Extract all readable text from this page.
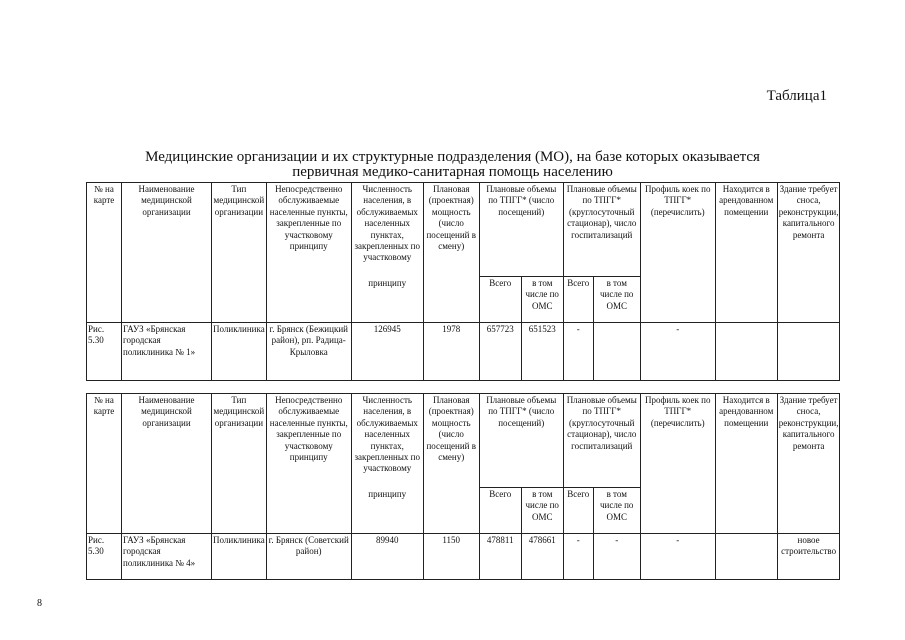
Таблица1
Медицинские организации и их структурные подразделения (МО), на базе которых оказывается
первичная медико-санитарная помощь населению
№ на карте	Наименование медицинской организации	Тип медицинской организации	Непосредственно обслуживаемые населенные пункты, закрепленные по участковому принципу	Численность населения, в обслуживаемых населенных пунктах, закрепленных по участковому	Плановая (проектная) мощность (число посещений в смену)	Плановые объемы по ТПГГ* (число посещений)		Плановые объемы по ТПГГ* (круглосуточный стационар), число госпитализаций		Профиль коек по ТПГГ* (перечислить)	Находится в арендованном помещении	Здание требует сноса, реконструкции, капитального ремонта
				принципу		Всего	в том числе по ОМС	Всего	в том числе по ОМС			
Рис. 5.30	ГАУЗ «Брянская городская поликлиника № 1»	Поликлиника	г. Брянск (Бежицкий район), рп. Радица-Крыловка	126945	1978	657723	651523	-		-		
№ на карте	Наименование медицинской организации	Тип медицинской организации	Непосредственно обслуживаемые населенные пункты, закрепленные по участковому принципу	Численность населения, в обслуживаемых населенных пунктах, закрепленных по участковому	Плановая (проектная) мощность (число посещений в смену)	Плановые объемы по ТПГГ* (число посещений)		Плановые объемы по ТПГГ* (круглосуточный стационар), число госпитализаций		Профиль коек по ТПГГ* (перечислить)	Находится в арендованном помещении	Здание требует сноса, реконструкции, капитального ремонта
				принципу		Всего	в том числе по ОМС	Всего	в том числе по ОМС			
Рис. 5.30	ГАУЗ «Брянская городская поликлиника № 4»	Поликлиника	г. Брянск (Советский район)	89940	1150	478811	478661	-	-	-		новое строительство
8
